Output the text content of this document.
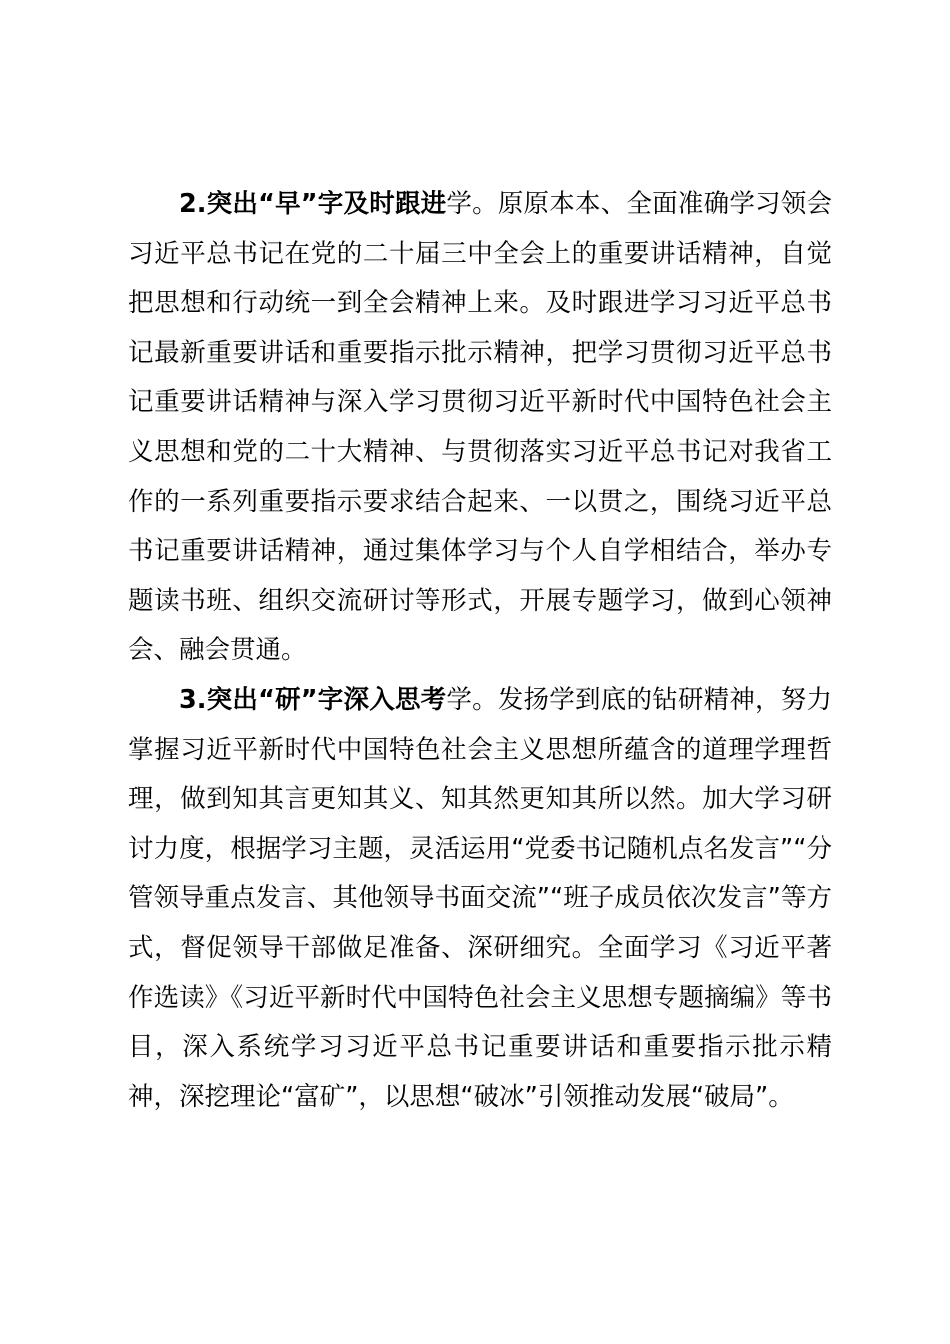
2.突出“早”字及时跟进学。原原本本、全面准确学习领会习近平总书记在党的二十届三中全会上的重要讲话精神，自觉把思想和行动统一到全会精神上来。及时跟进学习习近平总书记最新重要讲话和重要指示批示精神，把学习贯彻习近平总书记重要讲话精神与深入学习贯彻习近平新时代中国特色社会主义思想和党的二十大精神、与贯彻落实习近平总书记对我省工作的一系列重要指示要求结合起来、一以贯之，围绕习近平总书记重要讲话精神，通过集体学习与个人自学相结合，举办专题读书班、组织交流研讨等形式，开展专题学习，做到心领神会、融会贯通。

3.突出“研”字深入思考学。发扬学到底的钻研精神，努力掌握习近平新时代中国特色社会主义思想所蕴含的道理学理哲理，做到知其言更知其义、知其然更知其所以然。加大学习研讨力度，根据学习主题，灵活运用“党委书记随机点名发言”“分管领导重点发言、其他领导书面交流”“班子成员依次发言”等方式，督促领导干部做足准备、深研细究。全面学习《习近平著作选读》《习近平新时代中国特色社会主义思想专题摘编》等书目，深入系统学习习近平总书记重要讲话和重要指示批示精神，深挖理论“富矿”，以思想“破冰”引领推动发展“破局”。
